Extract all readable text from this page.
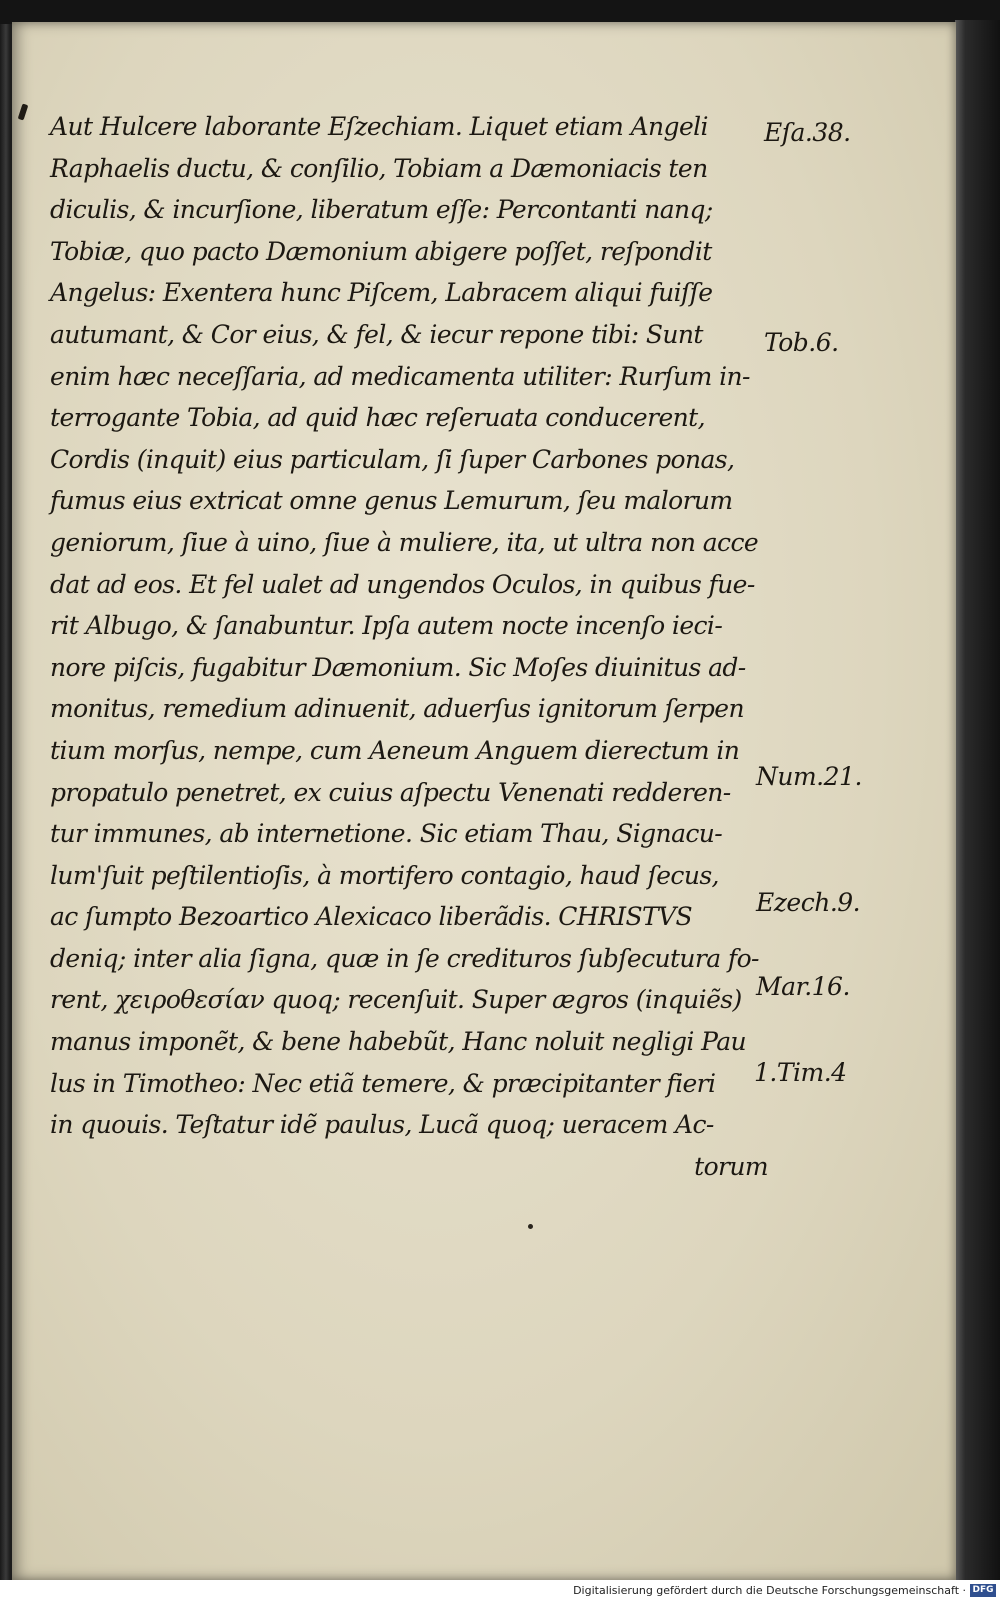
Aut Hulcere laborante Eſzechiam. Liquet etiam Angeli
Raphaelis ductu, & conſilio, Tobiam a Dæmoniacis ten
diculis, & incurſione, liberatum eſſe: Percontanti nanq;
Tobiæ, quo pacto Dæmonium abigere poſſet, reſpondit
Angelus: Exentera hunc Piſcem, Labracem aliqui fuiſſe
autumant, & Cor eius, & fel, & iecur repone tibi: Sunt
enim hæc neceſſaria, ad medicamenta utiliter: Rurſum in-
terrogante Tobia, ad quid hæc reſeruata conducerent,
Cordis (inquit) eius particulam, ſi ſuper Carbones ponas,
fumus eius extricat omne genus Lemurum, ſeu malorum
geniorum, ſiue à uino, ſiue à muliere, ita, ut ultra non acce
dat ad eos. Et fel ualet ad ungendos Oculos, in quibus fue-
rit Albugo, & ſanabuntur. Ipſa autem nocte incenſo ieci-
nore piſcis, fugabitur Dæmonium. Sic Moſes diuinitus ad-
monitus, remedium adinuenit, aduerſus ignitorum ſerpen
tium morſus, nempe, cum Aeneum Anguem dierectum in
propatulo penetret, ex cuius aſpectu Venenati redderen-
tur immunes, ab internetione. Sic etiam Thau, Signacu-
lum'ſuit peſtilentioſis, à mortifero contagio, haud ſecus,
ac ſumpto Bezoartico Alexicaco liberãdis. CHRISTVS
deniq; inter alia ſigna, quæ in ſe credituros ſubſecutura fo-
rent, χειροθεσίαν quoq; recenſuit. Super ægros (inquiẽs)
manus imponẽt, & bene habebũt, Hanc noluit negligi Pau
lus in Timotheo: Nec etiã temere, & præcipitanter fieri
in quouis. Teſtatur idẽ paulus, Lucã quoq; ueracem Ac-
torum
Eſa.38.
Tob.6.
Num.21.
Ezech.9.
Mar.16.
1.Tim.4
Digitalisierung gefördert durch die Deutsche Forschungsgemeinschaft · DFG
